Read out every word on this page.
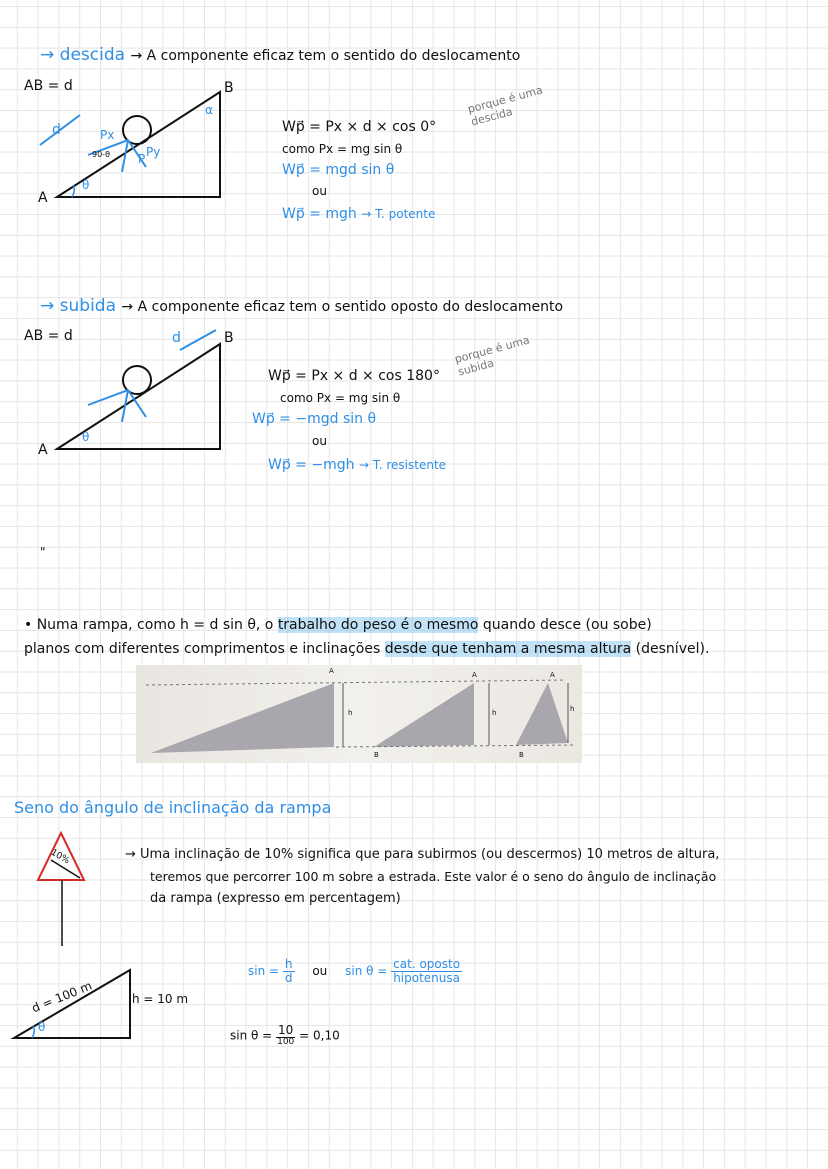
→ descida → A componente eficaz tem o sentido do deslocamento
AB = d
A
B
d
θ
α
Px
Py
P
90-θ
Wp⃗ = Px × d × cos 0°
como Px = mg sin θ
Wp⃗ = mgd sin θ
ou
Wp⃗ = mgh → T. potente
porque é uma descida
→ subida → A componente eficaz tem o sentido oposto do deslocamento
AB = d
A
B
d
θ
Wp⃗ = Px × d × cos 180°
como Px = mg sin θ
Wp⃗ = −mgd sin θ
ou
Wp⃗ = −mgh → T. resistente
porque é uma subida
"
• Numa rampa, como h = d sin θ, o trabalho do peso é o mesmo quando desce (ou sobe)
planos com diferentes comprimentos e inclinações desde que tenham a mesma altura (desnível).
A	A	A
h	h	h
B	B
Seno do ângulo de inclinação da rampa
10%	→ Uma inclinação de 10% significa que para subirmos (ou descermos) 10 metros de altura,
teremos que percorrer 100 m sobre a estrada. Este valor é o seno do ângulo de inclinação
da rampa (expresso em percentagem)
d = 100 m	h = 10 m
θ
$\sin = \frac{h}{d}$ ou $\sin \theta = \frac{\text{cat. oposto}}{\text{hipotenusa}}$
$\sin \theta = \frac{10}{100} = 0,10$
